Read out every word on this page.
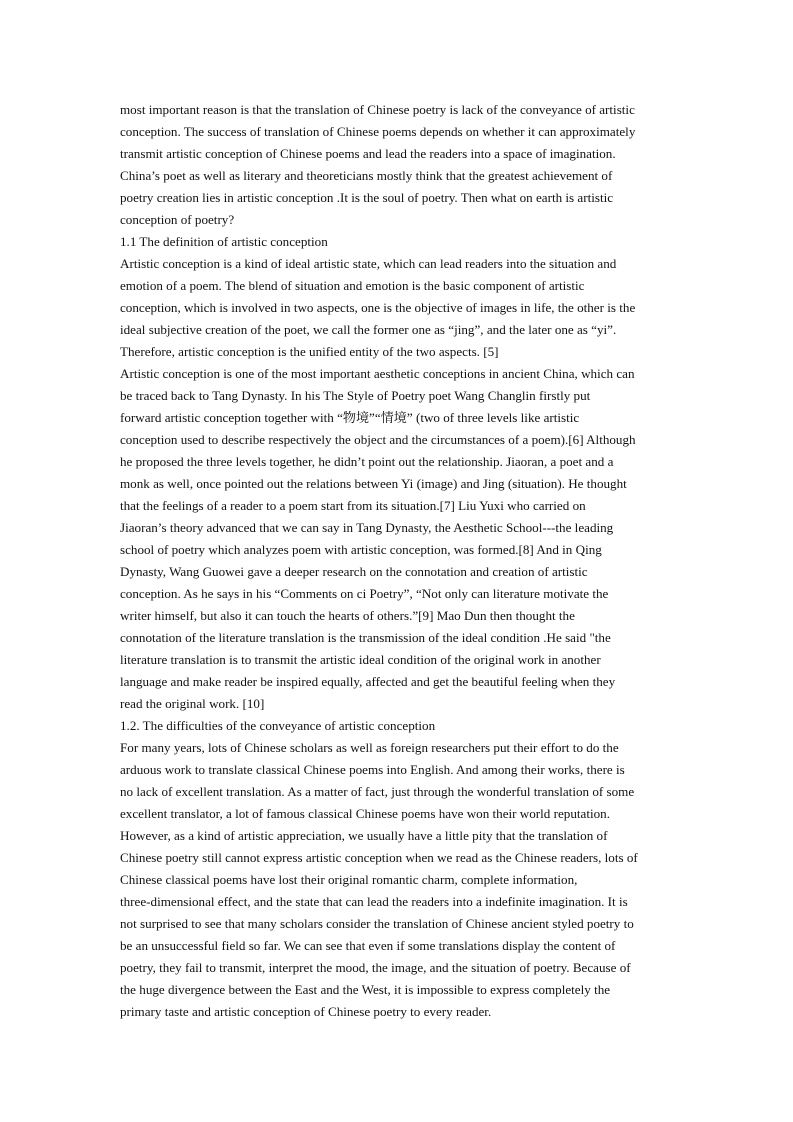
most important reason is that the translation of Chinese poetry is lack of the conveyance of artistic
conception. The success of translation of Chinese poems depends on whether it can approximately
transmit artistic conception of Chinese poems and lead the readers into a space of imagination.
China’s poet as well as literary and theoreticians mostly think that the greatest achievement of
poetry creation lies in artistic conception .It is the soul of poetry. Then what on earth is artistic
conception of poetry?
1.1 The definition of artistic conception
Artistic conception is a kind of ideal artistic state, which can lead readers into the situation and
emotion of a poem. The blend of situation and emotion is the basic component of artistic
conception, which is involved in two aspects, one is the objective of images in life, the other is the
ideal subjective creation of the poet, we call the former one as “jing”, and the later one as “yi”.
Therefore, artistic conception is the unified entity of the two aspects. [5]
Artistic conception is one of the most important aesthetic conceptions in ancient China, which can
be traced back to Tang Dynasty. In his The Style of Poetry poet Wang Changlin firstly put
forward artistic conception together with “物境”“情境” (two of three levels like artistic
conception used to describe respectively the object and the circumstances of a poem).[6] Although
he proposed the three levels together, he didn’t point out the relationship. Jiaoran, a poet and a
monk as well, once pointed out the relations between Yi (image) and Jing (situation). He thought
that the feelings of a reader to a poem start from its situation.[7] Liu Yuxi who carried on
Jiaoran’s theory advanced that we can say in Tang Dynasty, the Aesthetic School---the leading
school of poetry which analyzes poem with artistic conception, was formed.[8] And in Qing
Dynasty, Wang Guowei gave a deeper research on the connotation and creation of artistic
conception. As he says in his “Comments on ci Poetry”, “Not only can literature motivate the
writer himself, but also it can touch the hearts of others.”[9] Mao Dun then thought the
connotation of the literature translation is the transmission of the ideal condition .He said "the
literature translation is to transmit the artistic ideal condition of the original work in another
language and make reader be inspired equally, affected and get the beautiful feeling when they
read the original work. [10]
1.2. The difficulties of the conveyance of artistic conception
For many years, lots of Chinese scholars as well as foreign researchers put their effort to do the
arduous work to translate classical Chinese poems into English. And among their works, there is
no lack of excellent translation. As a matter of fact, just through the wonderful translation of some
excellent translator, a lot of famous classical Chinese poems have won their world reputation.
However, as a kind of artistic appreciation, we usually have a little pity that the translation of
Chinese poetry still cannot express artistic conception when we read as the Chinese readers, lots of
Chinese classical poems have lost their original romantic charm, complete information,
three-dimensional effect, and the state that can lead the readers into a indefinite imagination. It is
not surprised to see that many scholars consider the translation of Chinese ancient styled poetry to
be an unsuccessful field so far. We can see that even if some translations display the content of
poetry, they fail to transmit, interpret the mood, the image, and the situation of poetry. Because of
the huge divergence between the East and the West, it is impossible to express completely the
primary taste and artistic conception of Chinese poetry to every reader.
